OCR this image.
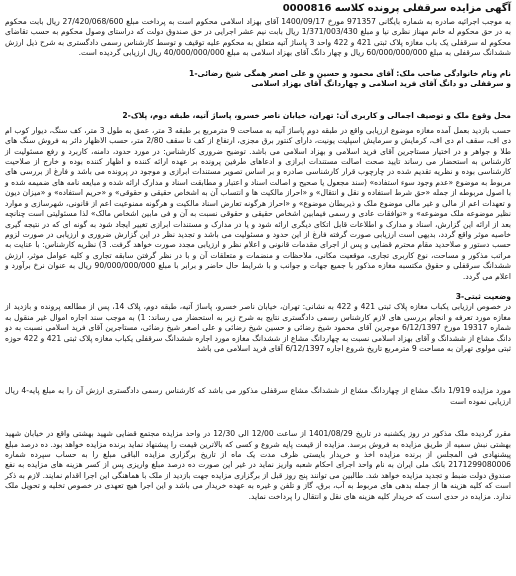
آگهی مزایده سرقفلی پرونده کلاسه 0000816

به موجب اجرائیه صادره به شماره بایگانی 971357 مورخ 1400/09/17 آقای بهزاد اسلامی محکوم است به پرداخت مبلغ 27/420/068/600 ریال بابت محکوم به در حق محکوم له خانم مهناز نظری نیا و مبلغ 1/371/003/430 ریال بابت نیم عشر اجرایی در حق صندوق دولت که دراستای وصول محکوم به حسب تقاضای محکوم له سرقفلی یک باب مغازه پلاک ثبتی 421 و 422 واحد 3 پاساژ آتیه متعلق به محکوم علیه توقیف و توسط کارشناس رسمی دادگستری به شرح ذیل ارزش ششدانگ سرقفلی به مبلغ 60/000/000/000 ریال و چهار دانگ آقای بهزاد اسلامی به مبلغ 40/000/000/000 ریال ارزیابی گردیده است.

نام ونام خانوادگی صاحب ملک: آقای محمود و حسین و علی اصغر همگی شیخ رضائی-1

و سرقفلی دو دانگ آقای فرید اسلامی و چهاردانگ آقای بهزاد اسلامی

محل وقوع ملک و توصیف اجمالی و کاربری آن: تهران، خیابان ناصر خسرو، پاساژ آتیه، طبقه دوم، پلاک-2

حسب بازدید بعمل آمده مغازه موضوع ارزیابی واقع در طبقه دوم پاساژ آتیه به مساحت 9 مترمربع بر طبقه 3 متر، عمق به طول 3 متر، کف سنگ، دیوار کوب ام دی اف، سقف ام دی اف، کرمایش و سرمایش اسپلیت یونیت، دارای کنتور برق مجزی، ارتفاع از کف تا سقف 2/80 متر، حسب الاظهار دائر به فروش سنگ های طلا و جواهر و در اختیار مستاجرین آقای فرید اسلامی و بهزاد اسلامی می باشد. توضیح ضروری کارشناس: در مورد حدود، دامنه، کاربرد و رفع مسئولیت از کارشناس به استحضار می رساند تایید صحت اصالت مستندات ابرازی و ادعاهای طرفین پرونده بر عهده ارائه کننده و اظهار کننده بوده و خارج از صلاحیت کارشناسی بوده و نظریه تقدیم شده در چارچوب قرار کارشناسی صادره و بر اساس تصویر مستندات ابرازی و موجود در پرونده می باشد و فارغ از بررسی های مربوط به موضوع «عدم وجود سوء استفاده» (سند مجعول یا صحیح و اصالت اسناد و اعتبار و مطابقت اسناد و مدارک ارائه شده و مبایعه نامه های ضمیمه شده و با اصول مربوطه از جمله «حق شرط استفاده و نقل و انتقال» و «احراز مالکیت ها و انتساب آن به اشخاص حقیقی و حقوقی» و «حریم استفاده» و «میزان دیون و تعهدات اعم از مالی و غیر مالی موضوع ملک و ذیربطان موضوع» و «احراز هرگونه تعارض اسناد مالکیت و هرگونه ممنوعیت اعم از قانونی، شهرسازی و موارد نظیر موضوعه ملک موضوعه» و «توافقات عادی و رسمی فیمابین اشخاص حقیقی و حقوقی نسبت به آن و فی مابین اشخاص مالک» لذا مسئولیتی است چنانچه بعد از ارائه این گزارش، اسناد و مدارک و اطلاعات قابل اتکای دیگری ارائه شود و یا در مدارک و مستندات ابرازی تغییر ایجاد شود به گونه ای که در نتیجه گیری خاصیه موثر واقع گردد، بدیهی است ارزیابی صورت گرفته فارغ از این حدود و مسئولیت می باشد و تجدید نظر در این گزارش ضروری و ارزیابی در صورت لزوم حسب دستور و صلاحدید مقام محترم قضایی و پس از اجرای مقدمات قانونی و اعلام نظر و ارزیابی مجدد صورت خواهد گرفت. 3) نظریه کارشناس: با عنایت به مراتب مذکور و مساحت، نوع کاربری تجاری، موقعیت مکانی، ملاحظات و منضمات و متعلقات آن و با در نظر گرفتن سابقه تجاری و کلیه عوامل موثر، ارزش ششدانگ سرقفلی و حقوق مکتسبه مغازه مذکور با جمیع جهات و جوانب و با شرایط حال حاضر و برابر با مبلغ 90/000/000/000 ریال به عنوان نرخ برآورد و اعلام می گردد.

وضعیت ثبتی-3

در خصوص ارزیابی یکباب مغازه پلاک ثبتی 421 و 422 به نشانی: تهران، خیابان ناصر خسرو، پاساژ آتیه، طبقه دوم، پلاک 14، پس از مطالعه پرونده و بازدید از مغازه مورد تعرفه و انجام بررسی های لازم کارشناس رسمی دادگستری نتایج به شرح زیر به استحضار می رساند: 1) به موجب سند اجاره اموال غیر منقول به شماره 19317 مورخ 6/12/1397 موجرین آقای محمود شیخ رضائی و حسین شیخ رضائی و علی اصغر شیخ رضائی، مستاجرین آقای فرید اسلامی نسبت به دو دانگ مشاع از ششدانگ و آقای بهزاد اسلامی نسبت به چهاردانگ مشاع از ششدانگ مغازه مورد اجاره ششدانگ سرقفلی یکباب مغازه پلاک ثبتی 421 و 422 حوزه ثبتی مولوی تهران به مساحت 9 مترمربع تاریخ شروع اجاره 6/12/1397 آقای فرید اسلامی می باشد

مورد مزایده 1/919 دانگ مشاع از چهاردانگ مشاع از ششدانگ مشاع سرقفلی مذکور می باشد که کارشناس رسمی دادگستری ارزش آن را به مبلغ پایه-4 ریال ارزیابی نموده است

مقرر گردیده ملک مذکور در روز یکشنبه در تاریخ 1401/08/29 از ساعت 12/00 الی 12/30 در واحد مزایده مجتمع قضایی شهید بهشتی واقع در خیابان شهید بهشتی نبش سمیه از طریق مزایده به فروش برسد. مزایده از قیمت پایه شروع و کسی که بالاترین قیمت را پیشنهاد نماید برنده مزایده خواهد بود. ده درصد مبلغ پیشنهادی فی المجلس از برنده مزایده اخذ و خریدار بایستی ظرف مدت یک ماه از تاریخ برگزاری مزایده الباقی مبلغ را به حساب سپرده شماره 2171299080006 بانک ملی ایران به نام واحد اجرای احکام شعبه واریز نماید در غیر این صورت ده درصد مبلغ واریزی پس از کسر هزینه های مزایده به نفع صندوق دولت ضبط و تجدید مزایده خواهد شد. طالبین می توانند پنج روز قبل از برگزاری مزایده جهت بازدید از ملک با هماهنگی این اجرا اقدام نمایند. لازم به ذکر است که کلیه هزینه ها از جمله بدهی های مربوط به آب، برق، گاز و تلفن و غیره به عهده خریدار می باشد و این اجرا هیچ تعهدی در خصوص تخلیه و تحویل ملک ندارد. مزایده در حدی است که خریدار کلیه هزینه های نقل و انتقال را پرداخت نماید.
